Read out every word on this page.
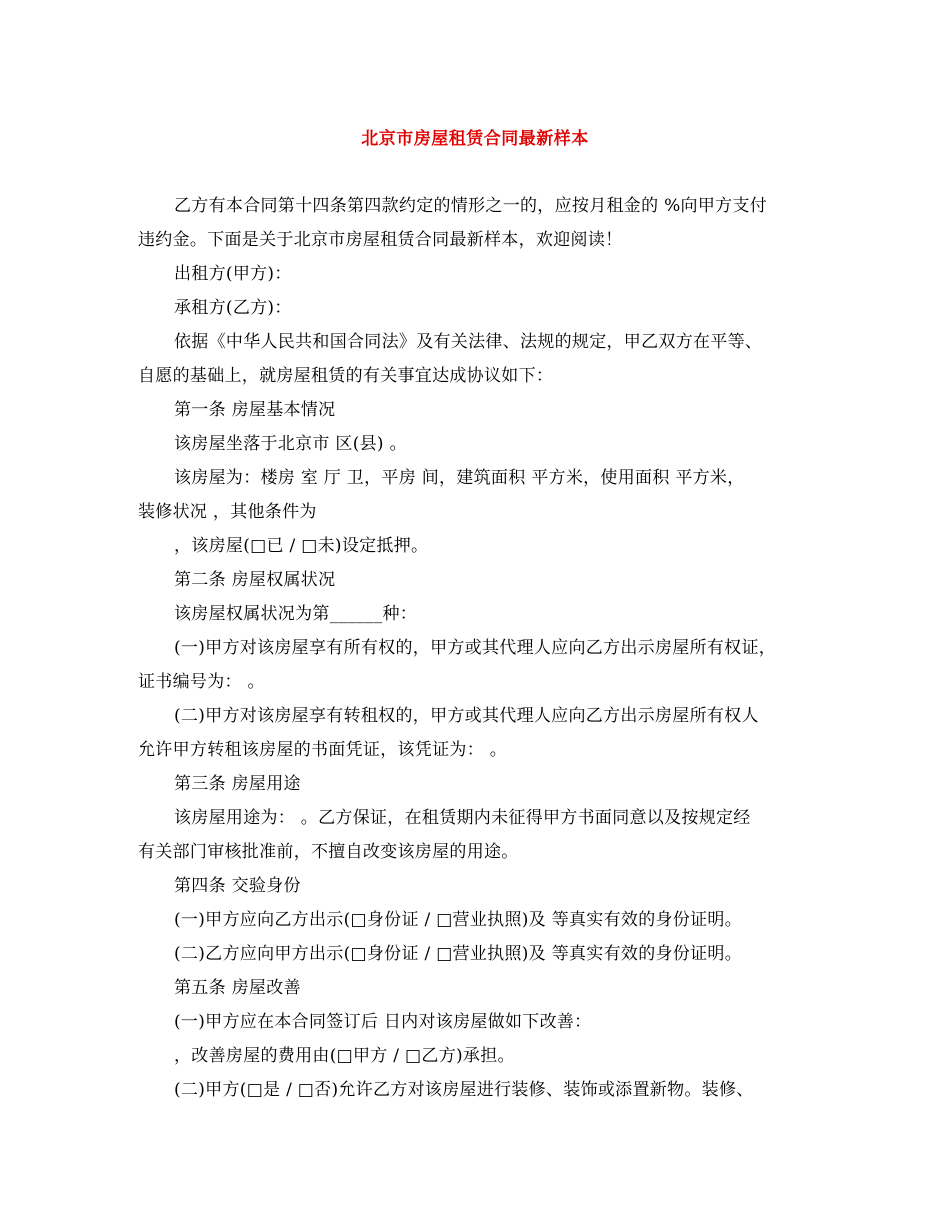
北京市房屋租赁合同最新样本

乙方有本合同第十四条第四款约定的情形之一的，应按月租金的 %向甲方支付

违约金。下面是关于北京市房屋租赁合同最新样本，欢迎阅读！

出租方(甲方)：

承租方(乙方)：

依据《中华人民共和国合同法》及有关法律、法规的规定，甲乙双方在平等、

自愿的基础上，就房屋租赁的有关事宜达成协议如下：

第一条 房屋基本情况

该房屋坐落于北京市 区(县) 。

该房屋为：楼房 室 厅 卫，平房 间，建筑面积 平方米，使用面积 平方米，

装修状况 ，其他条件为

，该房屋(□已 / □未)设定抵押。

第二条 房屋权属状况

该房屋权属状况为第______种：

(一)甲方对该房屋享有所有权的，甲方或其代理人应向乙方出示房屋所有权证，

证书编号为： 。

(二)甲方对该房屋享有转租权的，甲方或其代理人应向乙方出示房屋所有权人

允许甲方转租该房屋的书面凭证，该凭证为： 。

第三条 房屋用途

该房屋用途为： 。乙方保证，在租赁期内未征得甲方书面同意以及按规定经

有关部门审核批准前，不擅自改变该房屋的用途。

第四条 交验身份

(一)甲方应向乙方出示(□身份证 / □营业执照)及 等真实有效的身份证明。

(二)乙方应向甲方出示(□身份证 / □营业执照)及 等真实有效的身份证明。

第五条 房屋改善

(一)甲方应在本合同签订后 日内对该房屋做如下改善：

，改善房屋的费用由(□甲方 / □乙方)承担。

(二)甲方(□是 / □否)允许乙方对该房屋进行装修、装饰或添置新物。装修、
